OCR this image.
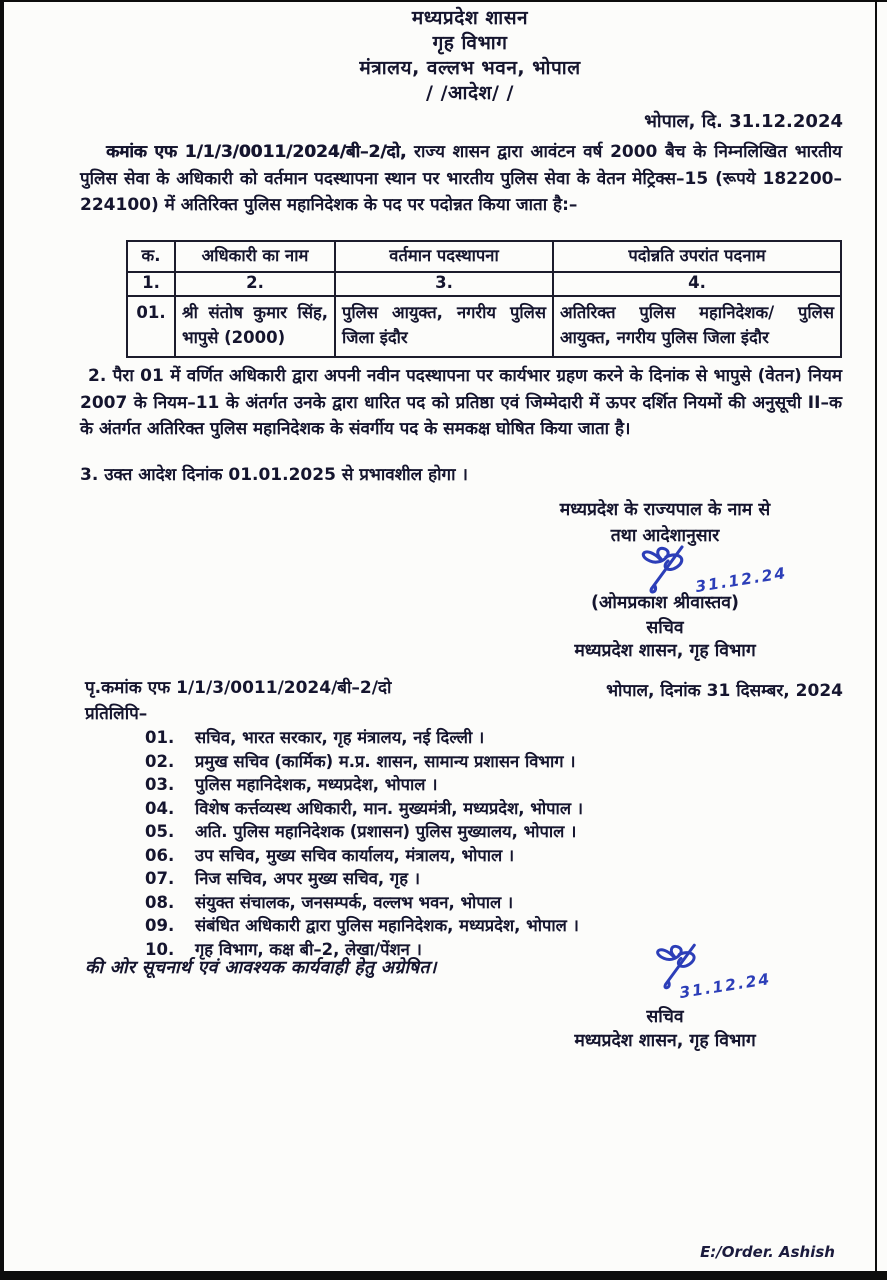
मध्यप्रदेश शासन
गृह विभाग
मंत्रालय, वल्लभ भवन, भोपाल
/ /आदेश/ /
भोपाल, दि. 31.12.2024
कमांक एफ 1/1/3/0011/2024/बी–2/दो, राज्य शासन द्वारा आवंटन वर्ष 2000 बैच के निम्नलिखित भारतीय पुलिस सेवा के अधिकारी को वर्तमान पदस्थापना स्थान पर भारतीय पुलिस सेवा के वेतन मेट्रिक्स–15 (रूपये 182200–224100) में अतिरिक्त पुलिस महानिदेशक के पद पर पदोन्नत किया जाता है:–
क.	अधिकारी का नाम	वर्तमान पदस्थापना	पदोन्नति उपरांत पदनाम
1.	2.	3.	4.
01.	श्री संतोष कुमार सिंह, भापुसे (2000)	पुलिस आयुक्त, नगरीय पुलिस जिला इंदौर	अतिरिक्त पुलिस महानिदेशक/ पुलिस आयुक्त, नगरीय पुलिस जिला इंदौर
2. पैरा 01 में वर्णित अधिकारी द्वारा अपनी नवीन पदस्थापना पर कार्यभार ग्रहण करने के दिनांक से भापुसे (वेतन) नियम 2007 के नियम–11 के अंतर्गत उनके द्वारा धारित पद को प्रतिष्ठा एवं जिम्मेदारी में ऊपर दर्शित नियमों की अनुसूची II–क के अंतर्गत अतिरिक्त पुलिस महानिदेशक के संवर्गीय पद के समकक्ष घोषित किया जाता है।
3. उक्त आदेश दिनांक 01.01.2025 से प्रभावशील होगा ।
मध्यप्रदेश के राज्यपाल के नाम से
तथा आदेशानुसार
31.12.24
(ओमप्रकाश श्रीवास्तव)
सचिव
मध्यप्रदेश शासन, गृह विभाग
पृ.कमांक एफ 1/1/3/0011/2024/बी–2/दो	भोपाल, दिनांक 31 दिसम्बर, 2024
प्रतिलिपि–
01. सचिव, भारत सरकार, गृह मंत्रालय, नई दिल्ली ।
02. प्रमुख सचिव (कार्मिक) म.प्र. शासन, सामान्य प्रशासन विभाग ।
03. पुलिस महानिदेशक, मध्यप्रदेश, भोपाल ।
04. विशेष कर्त्तव्यस्थ अधिकारी, मान. मुख्यमंत्री, मध्यप्रदेश, भोपाल ।
05. अति. पुलिस महानिदेशक (प्रशासन) पुलिस मुख्यालय, भोपाल ।
06. उप सचिव, मुख्य सचिव कार्यालय, मंत्रालय, भोपाल ।
07. निज सचिव, अपर मुख्य सचिव, गृह ।
08. संयुक्त संचालक, जनसम्पर्क, वल्लभ भवन, भोपाल ।
09. संबंधित अधिकारी द्वारा पुलिस महानिदेशक, मध्यप्रदेश, भोपाल ।
10. गृह विभाग, कक्ष बी–2, लेखा/पेंशन ।
की ओर सूचनार्थ एवं आवश्यक कार्यवाही हेतु अग्रेषित।
31.12.24
सचिव
मध्यप्रदेश शासन, गृह विभाग
E:/Order. Ashish
